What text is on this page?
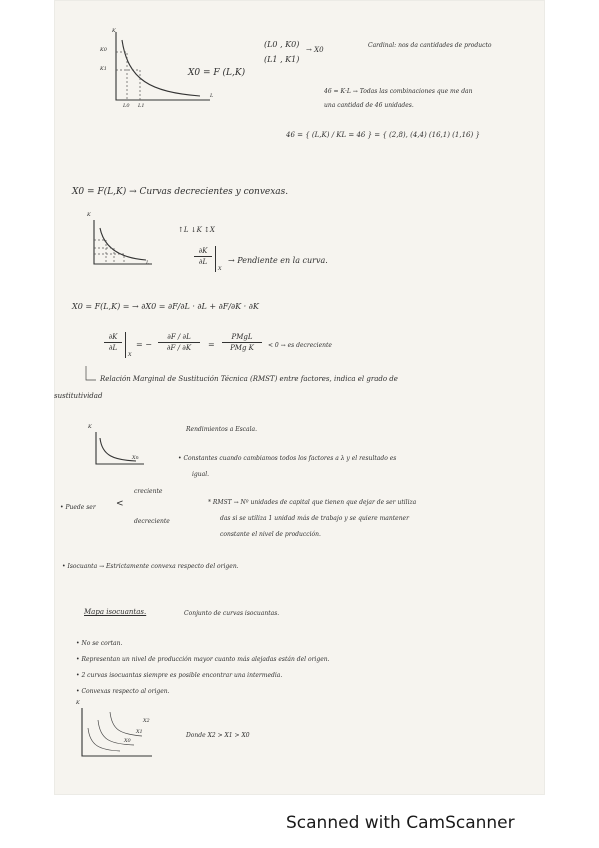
K
K0
K1
L
L0 L1
X0 = F (L,K)
(L0 , K0)
(L1 , K1)
→ X0
Cardinal: nos da cantidades de producto
46 = K·L → Todas las combinaciones que me dan
una cantidad de 46 unidades.
46 = { (L,K) / KL = 46 } = { (2,8), (4,4) (16,1) (1,16) }
X0 = F(L,K) → Curvas decrecientes y convexas.
K
L
↑L ↓K ↕X
∂K
∂L
X
→ Pendiente en la curva.
X0 = F(L,K) = → ∂X0 = ∂F/∂L · ∂L + ∂F/∂K · ∂K
∂K
∂L
X
= −
∂F / ∂L
∂F / ∂K	=
PMgL
PMg K	< 0 → es decreciente
Relación Marginal de Sustitución Técnica (RMST) entre factores, indica el grado de
sustitutividad
Rendimientos a Escala.
K
Xn	• Constantes cuando cambiamos todos los factores a λ y el resultado es
igual.
creciente
• Puede ser <
decreciente
* RMST → Nº unidades de capital que tienen que dejar de ser utiliza
das si se utiliza 1 unidad más de trabajo y se quiere mantener
constante el nivel de producción.
• Isocuanta → Estrictamente convexa respecto del origen.
Mapa isocuantas.	Conjunto de curvas isocuantas.
• No se cortan.
• Representan un nivel de producción mayor cuanto más alejadas están del origen.
• 2 curvas isocuantas siempre es posible encontrar una intermedia.
• Convexas respecto al origen.
K
X2
X1
X0
Donde X2 > X1 > X0
Scanned with CamScanner
